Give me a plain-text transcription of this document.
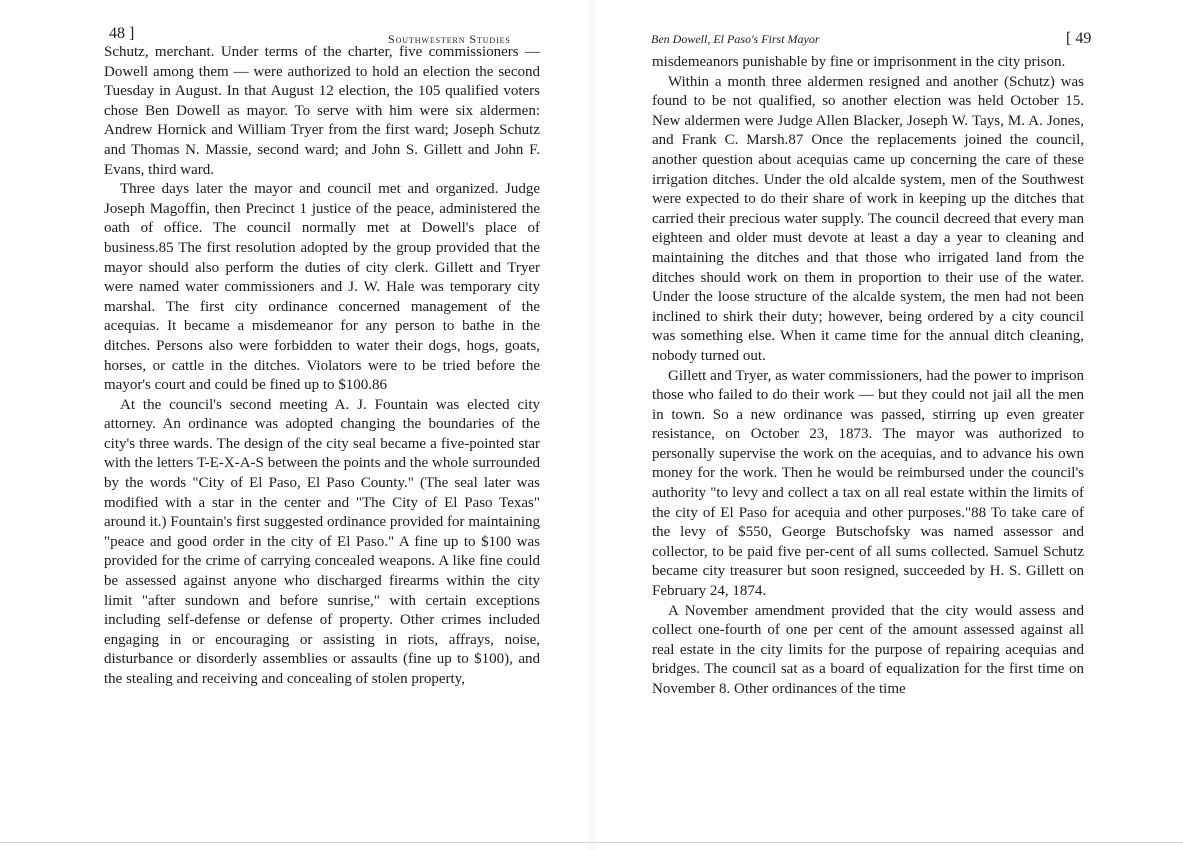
48 ]	Southwestern Studies

Schutz, merchant. Under terms of the charter, five commissioners — Dowell among them — were authorized to hold an election the second Tuesday in August. In that August 12 election, the 105 qualified voters chose Ben Dowell as mayor. To serve with him were six aldermen: Andrew Hornick and William Tryer from the first ward; Joseph Schutz and Thomas N. Massie, second ward; and John S. Gillett and John F. Evans, third ward.

Three days later the mayor and council met and organized. Judge Joseph Magoffin, then Precinct 1 justice of the peace, administered the oath of office. The council normally met at Dowell's place of business.85 The first resolution adopted by the group provided that the mayor should also perform the duties of city clerk. Gillett and Tryer were named water commissioners and J. W. Hale was temporary city marshal. The first city ordinance concerned management of the acequias. It became a misdemeanor for any person to bathe in the ditches. Persons also were forbidden to water their dogs, hogs, goats, horses, or cattle in the ditches. Violators were to be tried before the mayor's court and could be fined up to $100.86

At the council's second meeting A. J. Fountain was elected city attorney. An ordinance was adopted changing the boundaries of the city's three wards. The design of the city seal became a five-pointed star with the letters T-E-X-A-S between the points and the whole surrounded by the words "City of El Paso, El Paso County." (The seal later was modified with a star in the center and "The City of El Paso Texas" around it.) Fountain's first suggested ordinance provided for maintaining "peace and good order in the city of El Paso." A fine up to $100 was provided for the crime of carrying concealed weapons. A like fine could be assessed against anyone who discharged firearms within the city limit "after sundown and before sunrise," with certain exceptions including self-defense or defense of property. Other crimes included engaging in or encouraging or assisting in riots, affrays, noise, disturbance or disorderly assemblies or assaults (fine up to $100), and the stealing and receiving and concealing of stolen property,

Ben Dowell, El Paso's First Mayor	[ 49

misdemeanors punishable by fine or imprisonment in the city prison.

Within a month three aldermen resigned and another (Schutz) was found to be not qualified, so another election was held October 15. New aldermen were Judge Allen Blacker, Joseph W. Tays, M. A. Jones, and Frank C. Marsh.87 Once the replacements joined the council, another question about acequias came up concerning the care of these irrigation ditches. Under the old alcalde system, men of the Southwest were expected to do their share of work in keeping up the ditches that carried their precious water supply. The council decreed that every man eighteen and older must devote at least a day a year to cleaning and maintaining the ditches and that those who irrigated land from the ditches should work on them in proportion to their use of the water. Under the loose structure of the alcalde system, the men had not been inclined to shirk their duty; however, being ordered by a city council was something else. When it came time for the annual ditch cleaning, nobody turned out.

Gillett and Tryer, as water commissioners, had the power to imprison those who failed to do their work — but they could not jail all the men in town. So a new ordinance was passed, stirring up even greater resistance, on October 23, 1873. The mayor was authorized to personally supervise the work on the acequias, and to advance his own money for the work. Then he would be reimbursed under the council's authority "to levy and collect a tax on all real estate within the limits of the city of El Paso for acequia and other purposes."88 To take care of the levy of $550, George Butschofsky was named assessor and collector, to be paid five per-cent of all sums collected. Samuel Schutz became city treasurer but soon resigned, succeeded by H. S. Gillett on February 24, 1874.

A November amendment provided that the city would assess and collect one-fourth of one per cent of the amount assessed against all real estate in the city limits for the purpose of repairing acequias and bridges. The council sat as a board of equalization for the first time on November 8. Other ordinances of the time
